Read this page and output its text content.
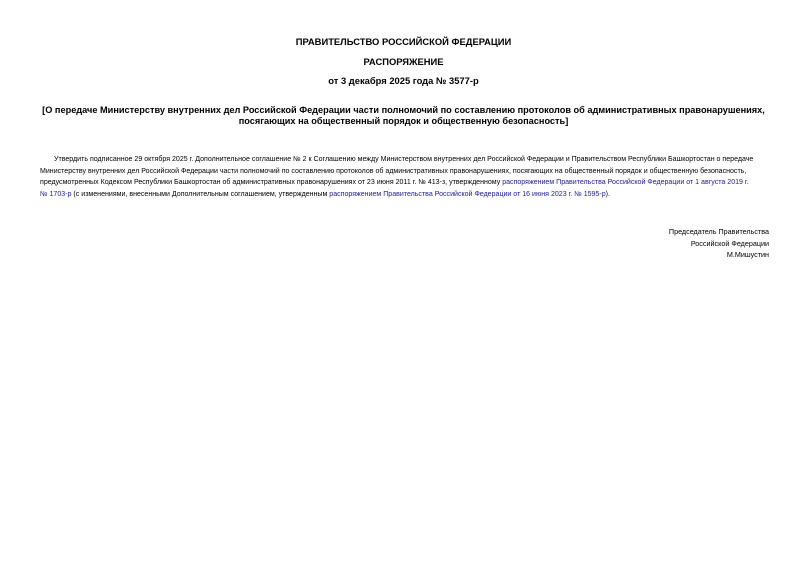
ПРАВИТЕЛЬСТВО РОССИЙСКОЙ ФЕДЕРАЦИИ
РАСПОРЯЖЕНИЕ
от 3 декабря 2025 года № 3577-р
[О передаче Министерству внутренних дел Российской Федерации части полномочий по составлению протоколов об административных правонарушениях,
посягающих на общественный порядок и общественную безопасность]
Утвердить подписанное 29 октября 2025 г. Дополнительное соглашение № 2 к Соглашению между Министерством внутренних дел Российской Федерации и Правительством Республики Башкортостан о передаче
Министерству внутренних дел Российской Федерации части полномочий по составлению протоколов об административных правонарушениях, посягающих на общественный порядок и общественную безопасность,
предусмотренных Кодексом Республики Башкортостан об административных правонарушениях от 23 июня 2011 г. № 413-з, утвержденному распоряжением Правительства Российской Федерации от 1 августа 2019 г.
№ 1703-р (с изменениями, внесенными Дополнительным соглашением, утвержденным распоряжением Правительства Российской Федерации от 16 июня 2023 г. № 1595-р).
Председатель Правительства
Российской Федерации
М.Мишустин
